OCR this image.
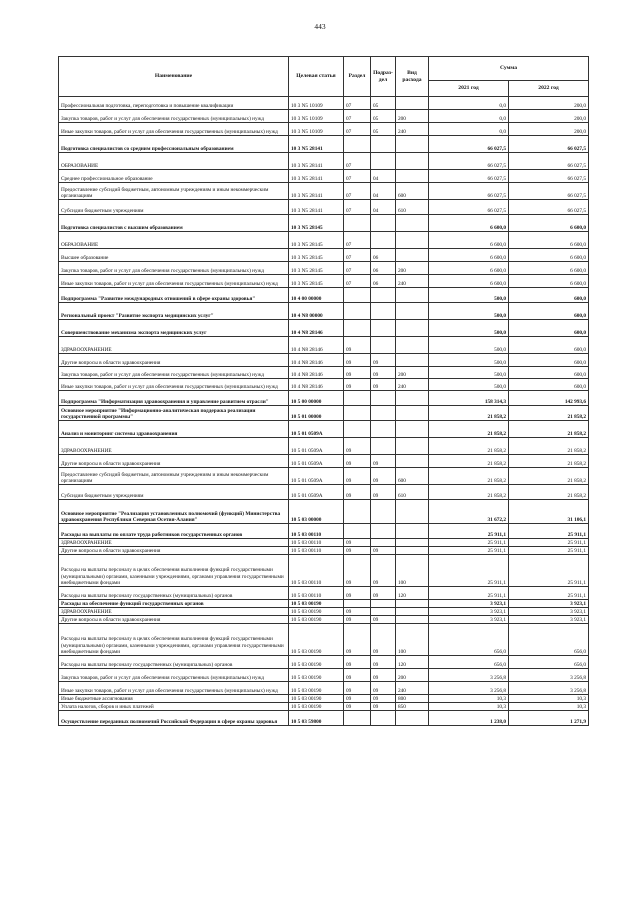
443
Наименование	Целевая статья	Раздел	Подраз-дел	Вид расхода	Сумма	
					2021 год	2022 год
Профессиональная подготовка, переподготовка и повышение квалификации	10 3 N5 10109	07	05		0,0	200,0
Закупка товаров, работ и услуг для обеспечения государственных (муниципальных) нужд	10 3 N5 10109	07	05	200	0,0	200,0
Иные закупки товаров, работ и услуг для обеспечения государственных (муниципальных) нужд	10 3 N5 10109	07	05	240	0,0	200,0
Подготовка специалистов со средним профессиональным образованием	10 3 N5 28141				66 027,5	66 027,5
ОБРАЗОВАНИЕ	10 3 N5 28141	07			66 027,5	66 027,5
Среднее профессиональное образование	10 3 N5 28141	07	04		66 027,5	66 027,5
Предоставление субсидий бюджетным, автономным учреждениям и иным некоммерческим организациям	10 3 N5 28141	07	04	600	66 027,5	66 027,5
Субсидии бюджетным учреждениям	10 3 N5 28141	07	04	610	66 027,5	66 027,5
Подготовка специалистов с высшим образованием	10 3 N5 28145				6 600,0	6 600,0
ОБРАЗОВАНИЕ	10 3 N5 28145	07			6 600,0	6 600,0
Высшее образование	10 3 N5 28145	07	06		6 600,0	6 600,0
Закупка товаров, работ и услуг для обеспечения государственных (муниципальных) нужд	10 3 N5 28145	07	06	200	6 600,0	6 600,0
Иные закупки товаров, работ и услуг для обеспечения государственных (муниципальных) нужд	10 3 N5 28145	07	06	240	6 600,0	6 600,0
Подпрограмма "Развитие международных отношений в сфере охраны здоровья"	10 4 00 00000				500,0	600,0
Региональный проект "Развитие экспорта медицинских услуг"	10 4 N8 00000				500,0	600,0
Совершенствование механизма экспорта медицинских услуг	10 4 N8 28146				500,0	600,0
ЗДРАВООХРАНЕНИЕ	10 4 N8 28146	09			500,0	600,0
Другие вопросы в области здравоохранения	10 4 N8 28146	09	09		500,0	600,0
Закупка товаров, работ и услуг для обеспечения государственных (муниципальных) нужд	10 4 N8 28146	09	09	200	500,0	600,0
Иные закупки товаров, работ и услуг для обеспечения государственных (муниципальных) нужд	10 4 N8 28146	09	09	240	500,0	600,0
Подпрограмма "Информатизация здравоохранения и управление развитием отрасли"	10 5 00 00000				158 314,3	142 993,6
Основное мероприятие "Информационно-аналитическая поддержка реализации государственной программы"	10 5 01 00000				21 858,2	21 858,2
Анализ и мониторинг системы здравоохранения	10 5 01 0509А				21 858,2	21 858,2
ЗДРАВООХРАНЕНИЕ	10 5 01 0509А	09			21 858,2	21 858,2
Другие вопросы в области здравоохранения	10 5 01 0509А	09	09		21 858,2	21 858,2
Предоставление субсидий бюджетным, автономным учреждениям и иным некоммерческим организациям	10 5 01 0509А	09	09	600	21 858,2	21 858,2
Субсидии бюджетным учреждениям	10 5 01 0509А	09	09	610	21 858,2	21 858,2
Основное мероприятие "Реализация установленных полномочий (функций) Министерства здравоохранения Республики Северная Осетия-Алания"	10 5 03 00000				31 672,2	31 106,1
Расходы на выплаты по оплате труда работников государственных органов	10 5 03 00110				25 911,1	25 911,1
ЗДРАВООХРАНЕНИЕ	10 5 03 00110	09			25 911,1	25 911,1
Другие вопросы в области здравоохранения	10 5 03 00110	09	09		25 911,1	25 911,1
Расходы на выплаты персоналу в целях обеспечения выполнения функций государственными (муниципальными) органами, казенными учреждениями, органами управления государственными внебюджетными фондами	10 5 03 00110	09	09	100	25 911,1	25 911,1
Расходы на выплаты персоналу государственных (муниципальных) органов	10 5 03 00110	09	09	120	25 911,1	25 911,1
Расходы на обеспечение функций государственных органов	10 5 03 00190				3 923,1	3 923,1
ЗДРАВООХРАНЕНИЕ	10 5 03 00190	09			3 923,1	3 923,1
Другие вопросы в области здравоохранения	10 5 03 00190	09	09		3 923,1	3 923,1
Расходы на выплаты персоналу в целях обеспечения выполнения функций государственными (муниципальными) органами, казенными учреждениями, органами управления государственными внебюджетными фондами	10 5 03 00190	09	09	100	656,0	656,0
Расходы на выплаты персоналу государственных (муниципальных) органов	10 5 03 00190	09	09	120	656,0	656,0
Закупка товаров, работ и услуг для обеспечения государственных (муниципальных) нужд	10 5 03 00190	09	09	200	3 256,8	3 256,8
Иные закупки товаров, работ и услуг для обеспечения государственных (муниципальных) нужд	10 5 03 00190	09	09	240	3 256,8	3 256,8
Иные бюджетные ассигнования	10 5 03 00190	09	09	800	10,3	10,3
Уплата налогов, сборов и иных платежей	10 5 03 00190	09	09	850	10,3	10,3
Осуществление переданных полномочий Российской Федерации в сфере охраны здоровья	10 5 03 59800				1 238,0	1 271,9
